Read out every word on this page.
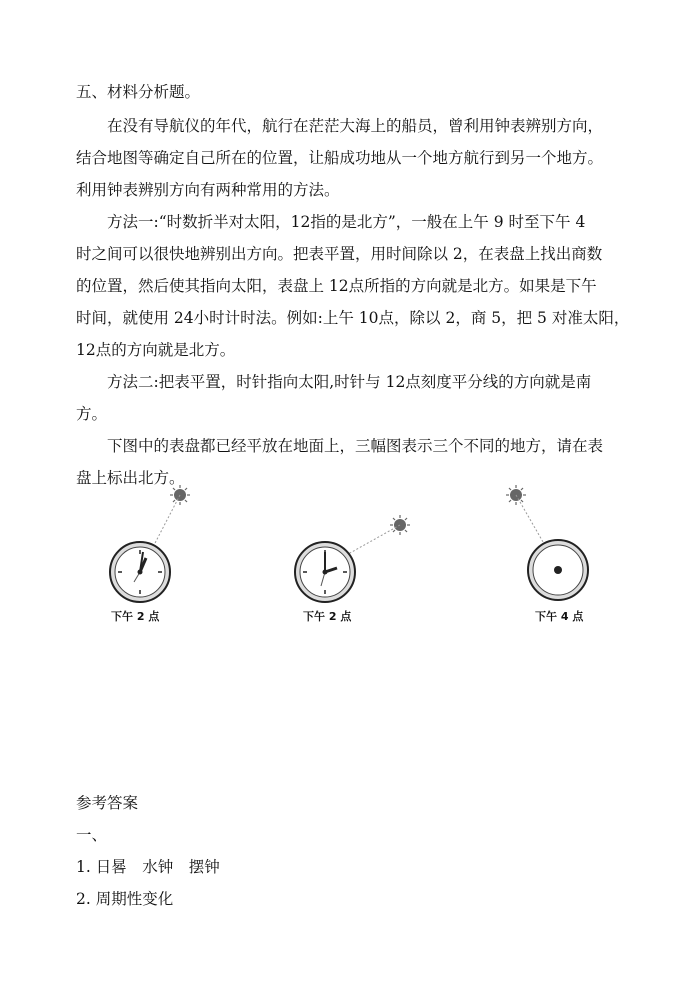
五、材料分析题。
在没有导航仪的年代，航行在茫茫大海上的船员，曾利用钟表辨别方向，
结合地图等确定自己所在的位置，让船成功地从一个地方航行到另一个地方。
利用钟表辨别方向有两种常用的方法。
方法一:“时数折半对太阳，12指的是北方”，一般在上午 9 时至下午 4
时之间可以很快地辨别出方向。把表平置，用时间除以 2，在表盘上找出商数
的位置，然后使其指向太阳，表盘上 12点所指的方向就是北方。如果是下午
时间，就使用 24小时计时法。例如:上午 10点，除以 2，商 5，把 5 对准太阳，
12点的方向就是北方。
方法二:把表平置，时针指向太阳,时针与 12点刻度平分线的方向就是南
方。
下图中的表盘都已经平放在地面上，三幅图表示三个不同的地方，请在表
盘上标出北方。
下午 2 点	下午 2 点	下午 4 点
参考答案
一、
1. 日晷　水钟　摆钟
2. 周期性变化
